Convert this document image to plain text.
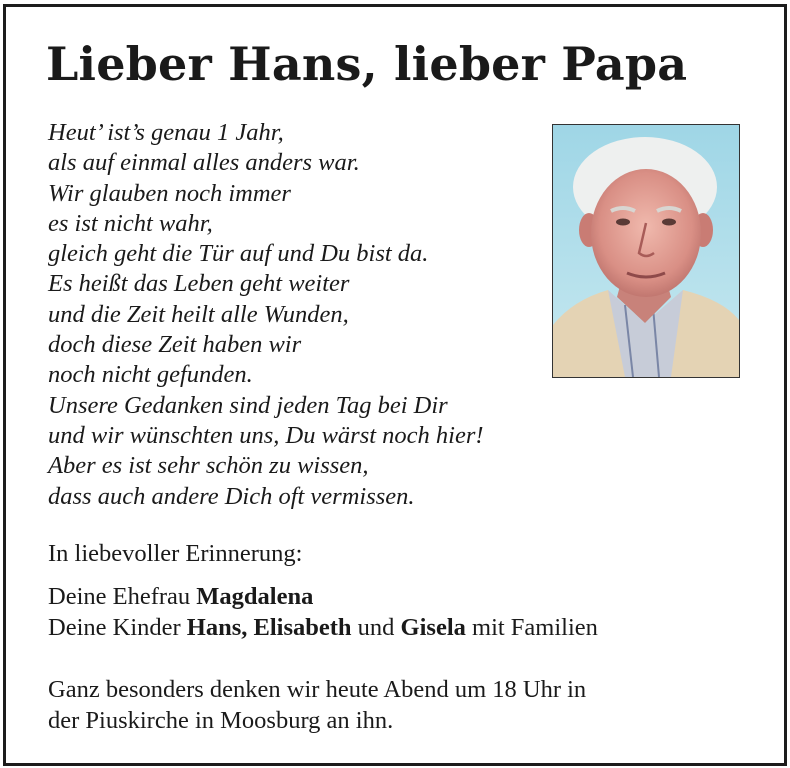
Lieber Hans, lieber Papa
Heut’ ist’s genau 1 Jahr,
als auf einmal alles anders war.
Wir glauben noch immer
es ist nicht wahr,
gleich geht die Tür auf und Du bist da.
Es heißt das Leben geht weiter
und die Zeit heilt alle Wunden,
doch diese Zeit haben wir
noch nicht gefunden.
Unsere Gedanken sind jeden Tag bei Dir
und wir wünschten uns, Du wärst noch hier!
Aber es ist sehr schön zu wissen,
dass auch andere Dich oft vermissen.
In liebevoller Erinnerung:
Deine Ehefrau Magdalena
Deine Kinder Hans, Elisabeth und Gisela mit Familien
Ganz besonders denken wir heute Abend um 18 Uhr in
der Piuskirche in Moosburg an ihn.
